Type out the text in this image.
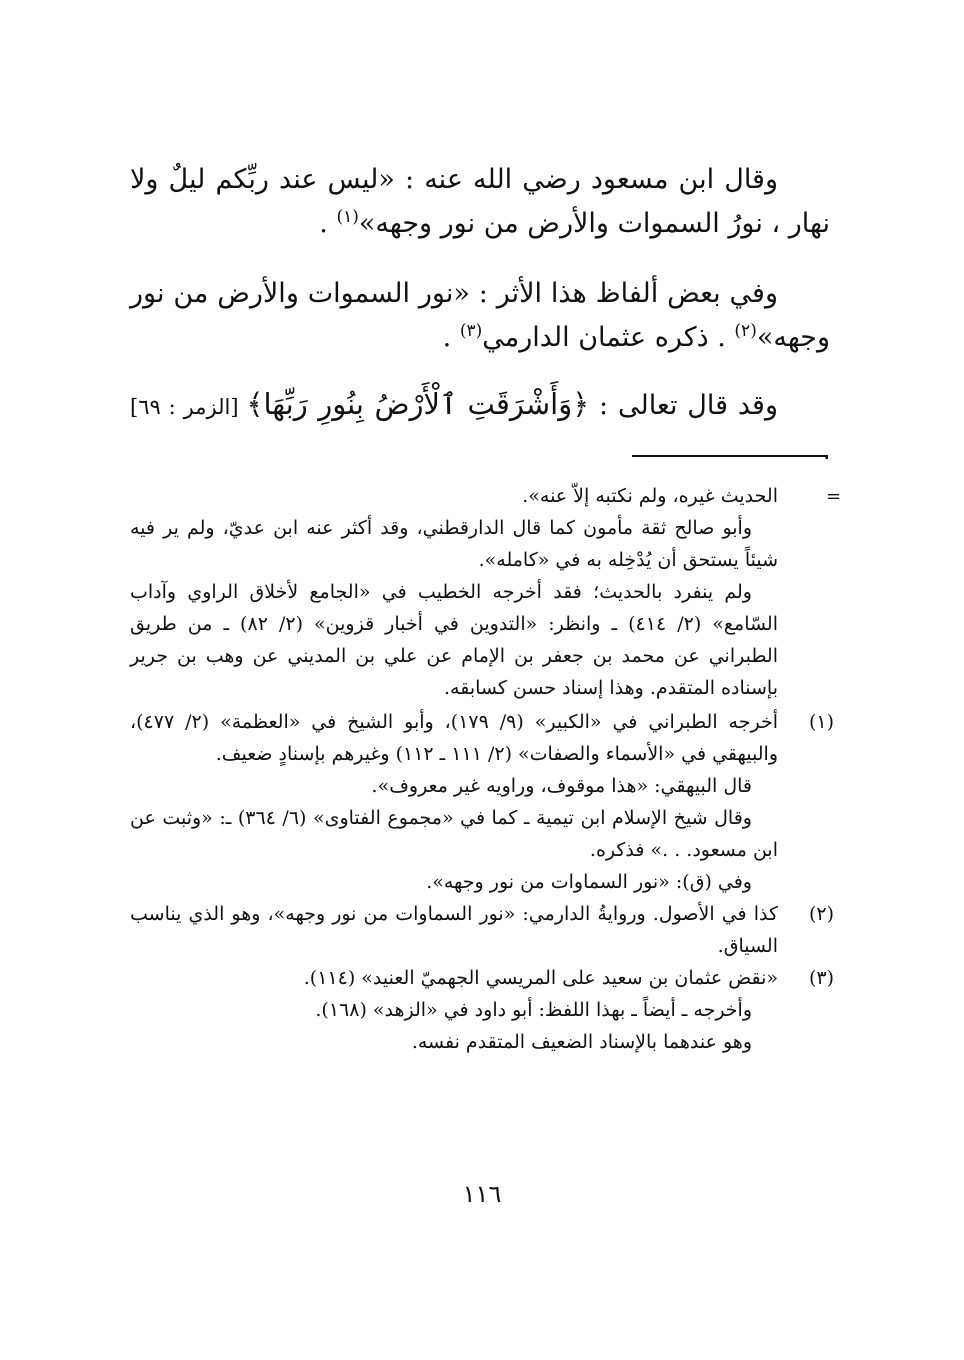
وقال ابن مسعود رضي الله عنه : «ليس عند ربِّكم ليلٌ ولا نهار ، نورُ السموات والأرض من نور وجهه»$^{(١)}$ .

وفي بعض ألفاظ هذا الأثر : «نور السموات والأرض من نور وجهه»$^{(٢)}$ . ذكره عثمان الدارمي$^{(٣)}$ .

وقد قال تعالى : ﴿وَأَشْرَقَتِ ٱلْأَرْضُ بِنُورِ رَبِّهَا﴾ [الزمر : ٦٩] .

=
الحديث غيره، ولم نكتبه إلاّ عنه».
وأبو صالح ثقة مأمون كما قال الدارقطني، وقد أكثر عنه ابن عديّ، ولم ير فيه شيئاً يستحق أن يُدْخِله به في «كامله».
ولم ينفرد بالحديث؛ فقد أخرجه الخطيب في «الجامع لأخلاق الراوي وآداب السّامع» (٢/ ٤١٤) ـ وانظر: «التدوين في أخبار قزوين» (٢/ ٨٢) ـ من طريق الطبراني عن محمد بن جعفر بن الإمام عن علي بن المديني عن وهب بن جرير بإسناده المتقدم. وهذا إسناد حسن كسابقه.
(١)
أخرجه الطبراني في «الكبير» (٩/ ١٧٩)، وأبو الشيخ في «العظمة» (٢/ ٤٧٧)، والبيهقي في «الأسماء والصفات» (٢/ ١١١ ـ ١١٢) وغيرهم بإسنادٍ ضعيف.
قال البيهقي: «هذا موقوف، وراويه غير معروف».
وقال شيخ الإسلام ابن تيمية ـ كما في «مجموع الفتاوى» (٦/ ٣٦٤) ـ: «وثبت عن ابن مسعود. . .» فذكره.
وفي (ق): «نور السماوات من نور وجهه».
(٢)
كذا في الأصول. وروايةُ الدارمي: «نور السماوات من نور وجهه»، وهو الذي يناسب السياق.
(٣)
«نقض عثمان بن سعيد على المريسي الجهميّ العنيد» (١١٤).
وأخرجه ـ أيضاً ـ بهذا اللفظ: أبو داود في «الزهد» (١٦٨).
وهو عندهما بالإسناد الضعيف المتقدم نفسه.
١١٦
